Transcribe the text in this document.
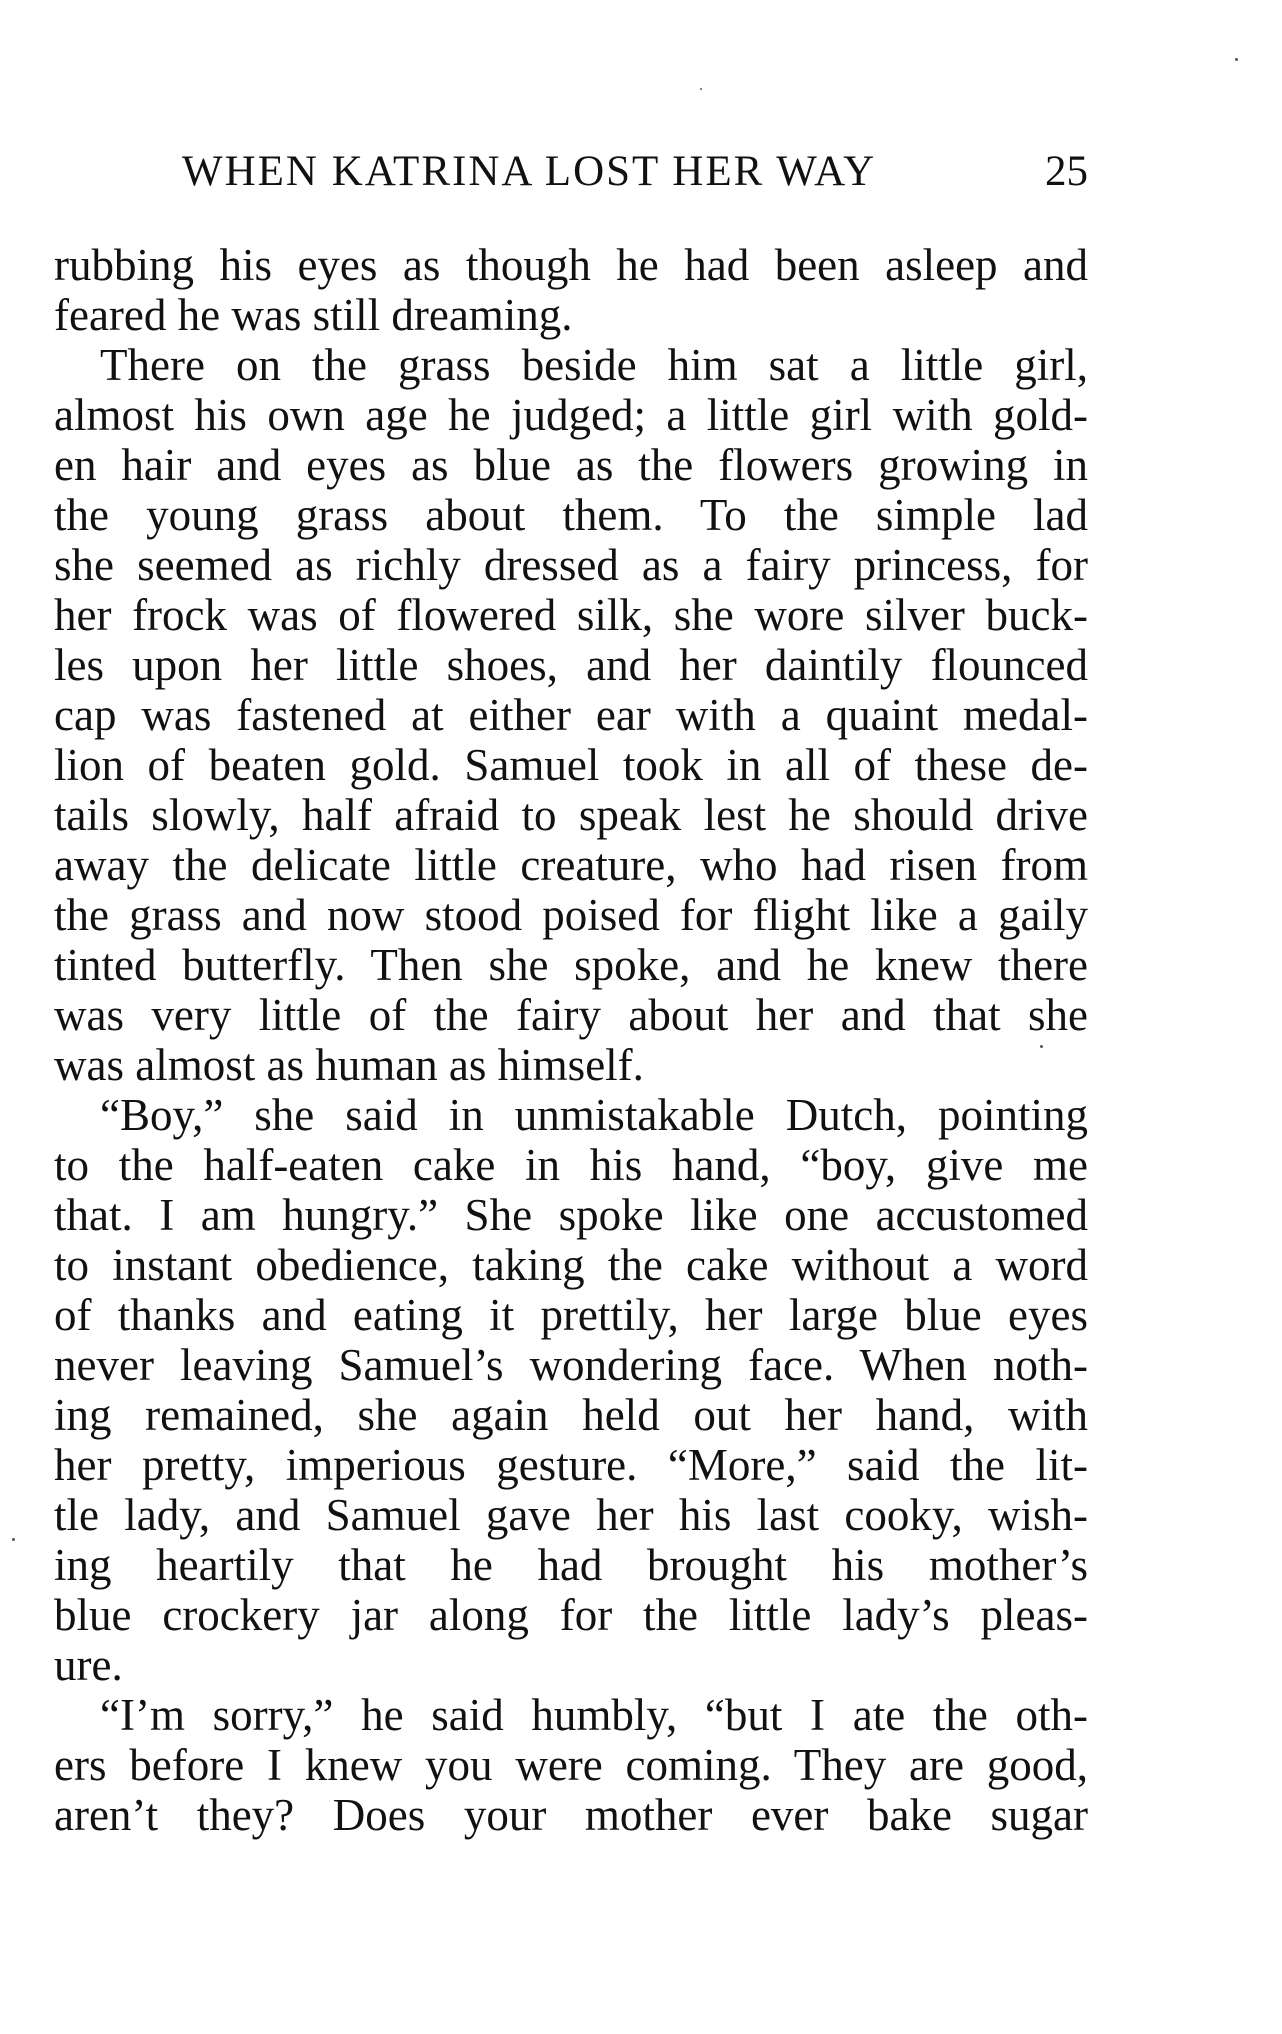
WHEN KATRINA LOST HER WAY	25
rubbing his eyes as though he had been asleep and
feared he was still dreaming.
There on the grass beside him sat a little girl,
almost his own age he judged; a little girl with gold-
en hair and eyes as blue as the flowers growing in
the young grass about them. To the simple lad
she seemed as richly dressed as a fairy princess, for
her frock was of flowered silk, she wore silver buck-
les upon her little shoes, and her daintily flounced
cap was fastened at either ear with a quaint medal-
lion of beaten gold. Samuel took in all of these de-
tails slowly, half afraid to speak lest he should drive
away the delicate little creature, who had risen from
the grass and now stood poised for flight like a gaily
tinted butterfly. Then she spoke, and he knew there
was very little of the fairy about her and that she
was almost as human as himself.
“Boy,” she said in unmistakable Dutch, pointing
to the half-eaten cake in his hand, “boy, give me
that. I am hungry.” She spoke like one accustomed
to instant obedience, taking the cake without a word
of thanks and eating it prettily, her large blue eyes
never leaving Samuel’s wondering face. When noth-
ing remained, she again held out her hand, with
her pretty, imperious gesture. “More,” said the lit-
tle lady, and Samuel gave her his last cooky, wish-
ing heartily that he had brought his mother’s
blue crockery jar along for the little lady’s pleas-
ure.
“I’m sorry,” he said humbly, “but I ate the oth-
ers before I knew you were coming. They are good,
aren’t they? Does your mother ever bake sugar
